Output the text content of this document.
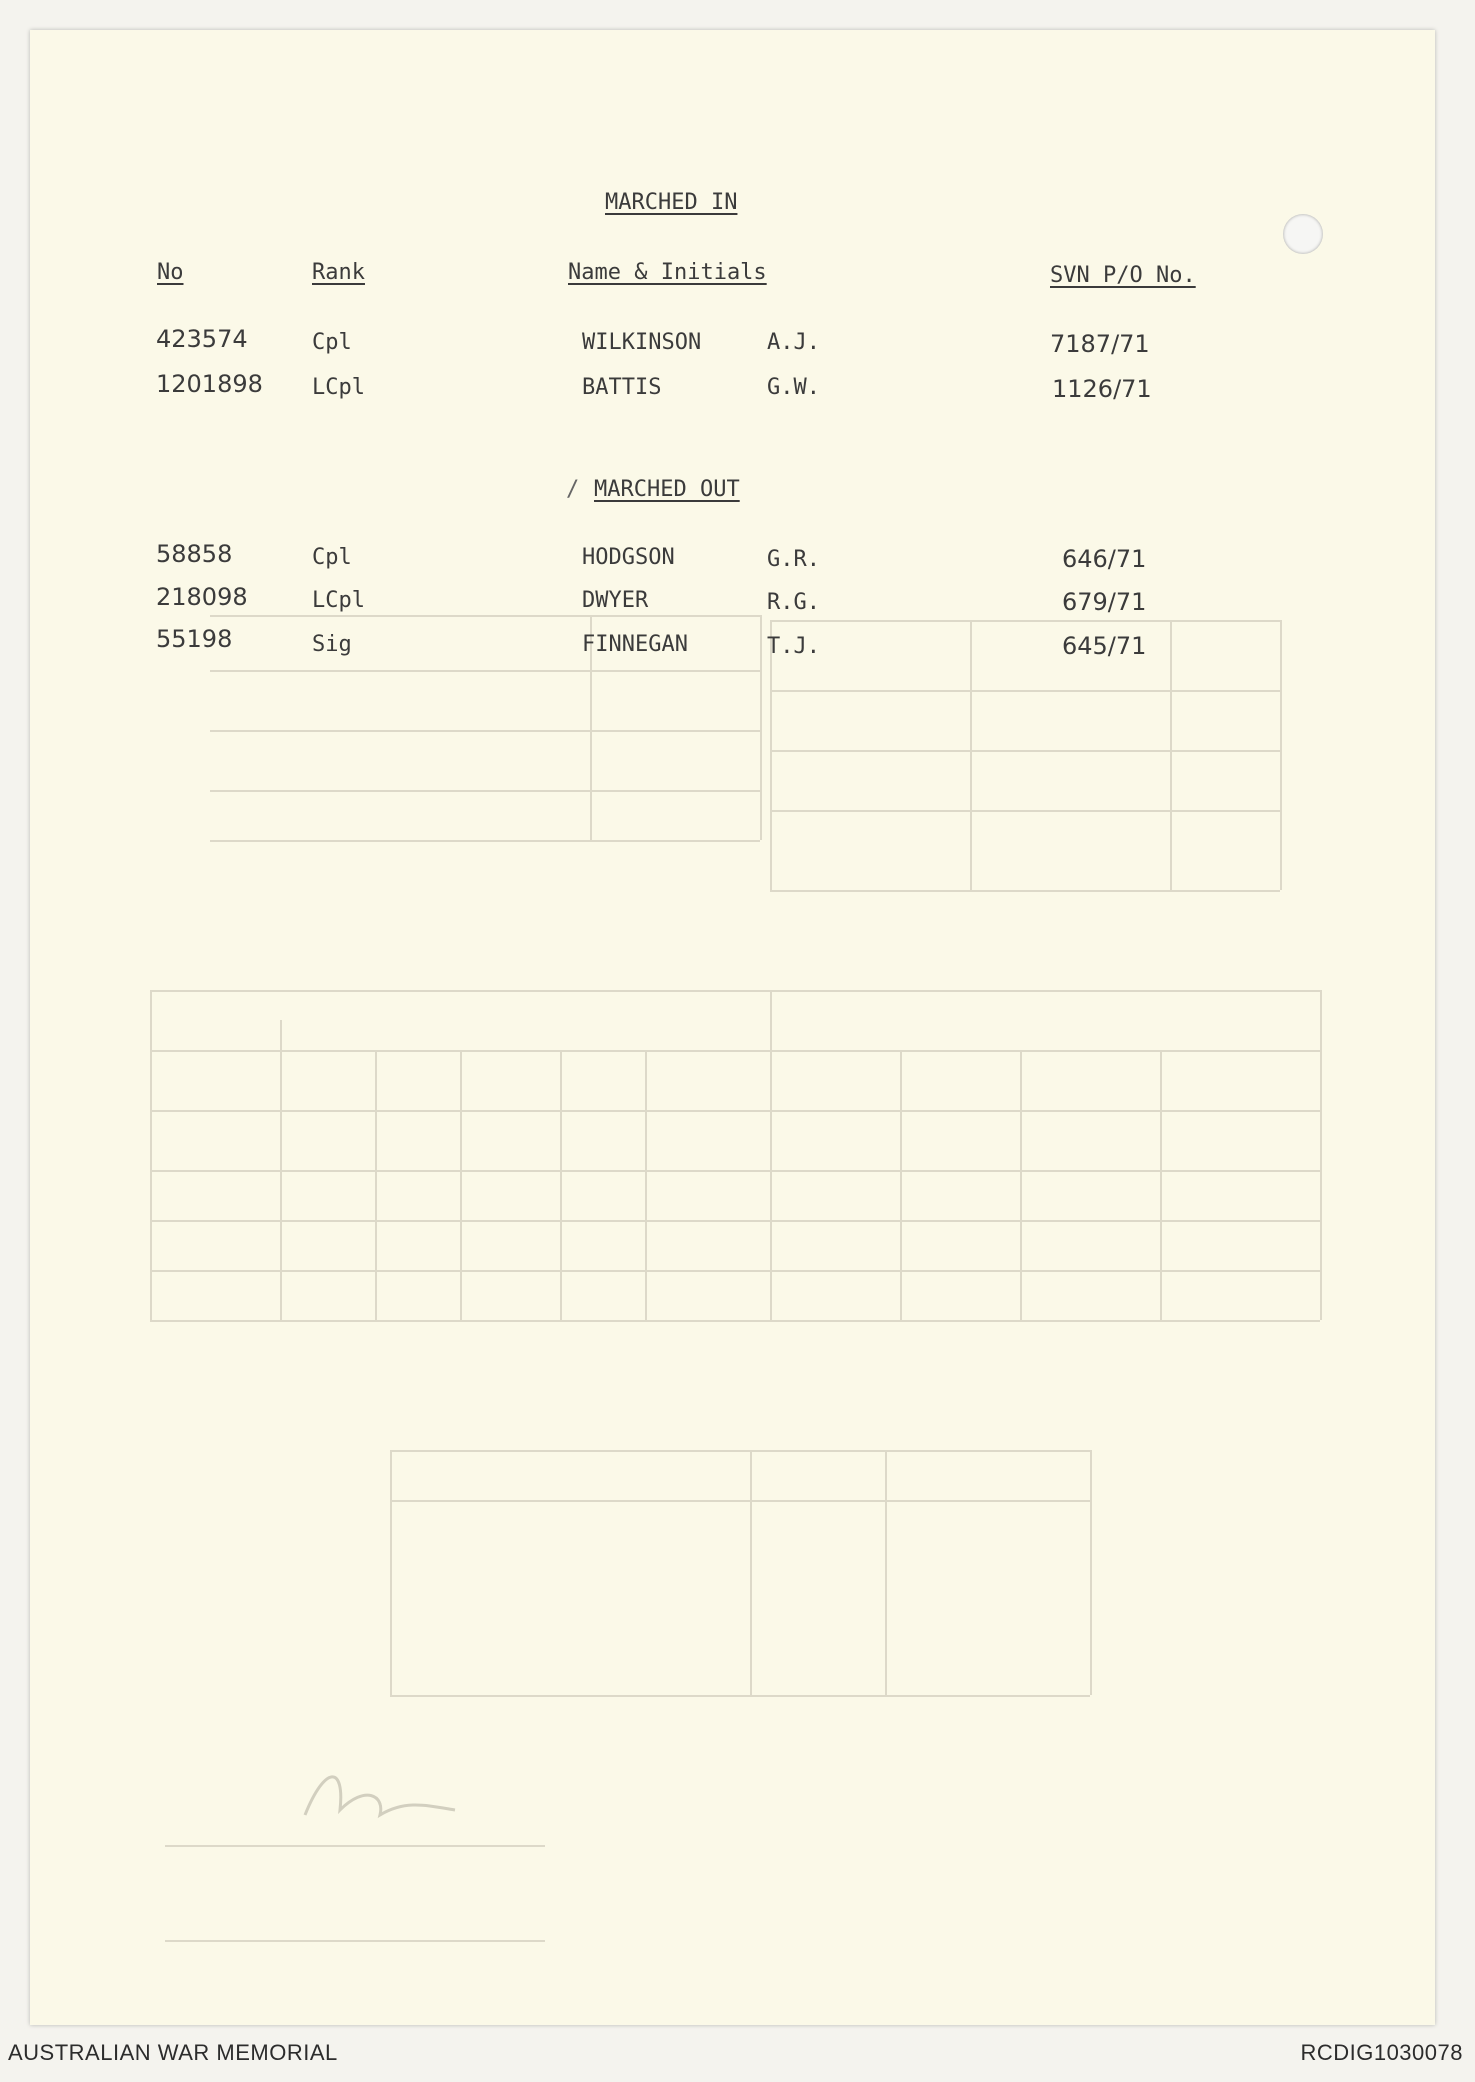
MARCHED IN
No	Rank	Name & Initials	SVN P/O No.
423574	Cpl	WILKINSON	A.J.	7187/71
1201898 LCpl	BATTIS	G.W.	1126/71
/ MARCHED OUT
58858	Cpl	HODGSON	G.R.	646/71
218098	LCpl	DWYER	R.G.	679/71
55198	Sig	FINNEGAN	T.J.	645/71
AUSTRALIAN WAR MEMORIAL	RCDIG1030078
